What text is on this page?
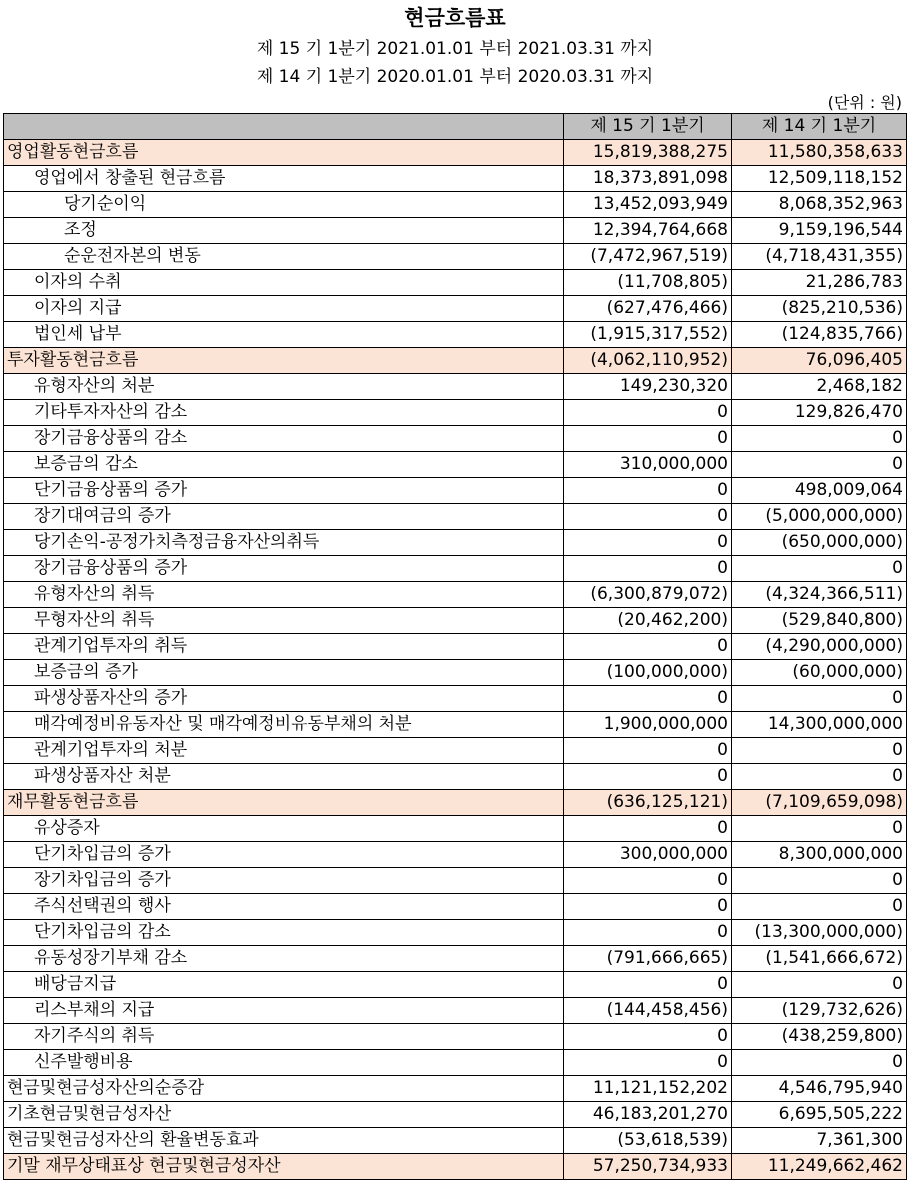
현금흐름표
제 15 기 1분기 2021.01.01 부터 2021.03.31 까지
제 14 기 1분기 2020.01.01 부터 2020.03.31 까지
(단위 : 원)
	제 15 기 1분기	제 14 기 1분기
영업활동현금흐름	15,819,388,275	11,580,358,633
영업에서 창출된 현금흐름	18,373,891,098	12,509,118,152
당기순이익	13,452,093,949	8,068,352,963
조정	12,394,764,668	9,159,196,544
순운전자본의 변동	(7,472,967,519)	(4,718,431,355)
이자의 수취	(11,708,805)	21,286,783
이자의 지급	(627,476,466)	(825,210,536)
법인세 납부	(1,915,317,552)	(124,835,766)
투자활동현금흐름	(4,062,110,952)	76,096,405
유형자산의 처분	149,230,320	2,468,182
기타투자자산의 감소	0	129,826,470
장기금융상품의 감소	0	0
보증금의 감소	310,000,000	0
단기금융상품의 증가	0	498,009,064
장기대여금의 증가	0	(5,000,000,000)
당기손익-공정가치측정금융자산의취득	0	(650,000,000)
장기금융상품의 증가	0	0
유형자산의 취득	(6,300,879,072)	(4,324,366,511)
무형자산의 취득	(20,462,200)	(529,840,800)
관계기업투자의 취득	0	(4,290,000,000)
보증금의 증가	(100,000,000)	(60,000,000)
파생상품자산의 증가	0	0
매각예정비유동자산 및 매각예정비유동부채의 처분	1,900,000,000	14,300,000,000
관계기업투자의 처분	0	0
파생상품자산 처분	0	0
재무활동현금흐름	(636,125,121)	(7,109,659,098)
유상증자	0	0
단기차입금의 증가	300,000,000	8,300,000,000
장기차입금의 증가	0	0
주식선택권의 행사	0	0
단기차입금의 감소	0	(13,300,000,000)
유동성장기부채 감소	(791,666,665)	(1,541,666,672)
배당금지급	0	0
리스부채의 지급	(144,458,456)	(129,732,626)
자기주식의 취득	0	(438,259,800)
신주발행비용	0	0
현금및현금성자산의순증감	11,121,152,202	4,546,795,940
기초현금및현금성자산	46,183,201,270	6,695,505,222
현금및현금성자산의 환율변동효과	(53,618,539)	7,361,300
기말 재무상태표상 현금및현금성자산	57,250,734,933	11,249,662,462
